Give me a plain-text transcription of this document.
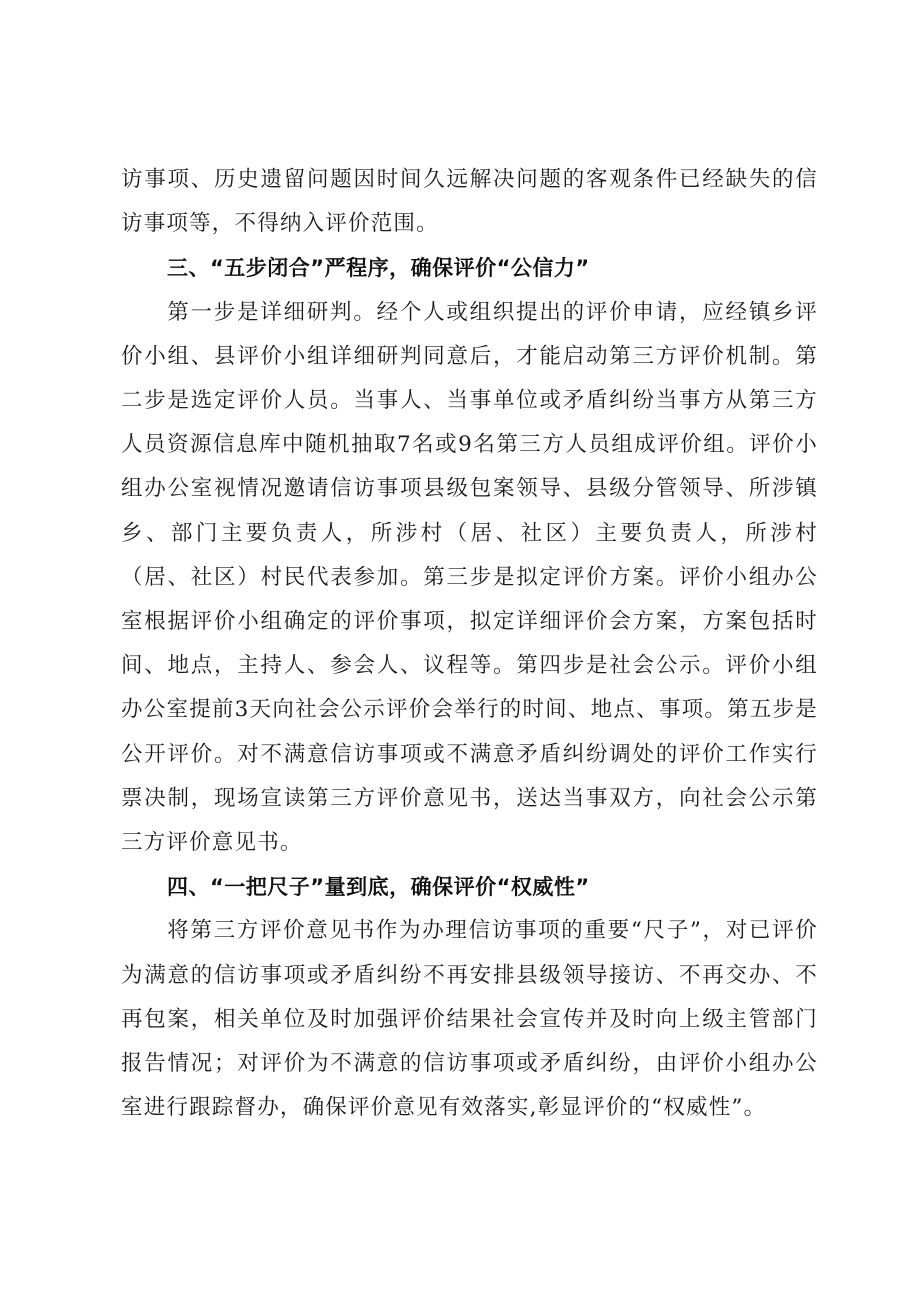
访事项、历史遗留问题因时间久远解决问题的客观条件已经缺失的信访事项等，不得纳入评价范围。

三、“五步闭合”严程序，确保评价“公信力”

第一步是详细研判。经个人或组织提出的评价申请，应经镇乡评价小组、县评价小组详细研判同意后，才能启动第三方评价机制。第二步是选定评价人员。当事人、当事单位或矛盾纠纷当事方从第三方人员资源信息库中随机抽取7名或9名第三方人员组成评价组。评价小组办公室视情况邀请信访事项县级包案领导、县级分管领导、所涉镇乡、部门主要负责人，所涉村（居、社区）主要负责人，所涉村（居、社区）村民代表参加。第三步是拟定评价方案。评价小组办公室根据评价小组确定的评价事项，拟定详细评价会方案，方案包括时间、地点，主持人、参会人、议程等。第四步是社会公示。评价小组办公室提前3天向社会公示评价会举行的时间、地点、事项。第五步是公开评价。对不满意信访事项或不满意矛盾纠纷调处的评价工作实行票决制，现场宣读第三方评价意见书，送达当事双方，向社会公示第三方评价意见书。

四、“一把尺子”量到底，确保评价“权威性”

将第三方评价意见书作为办理信访事项的重要“尺子”，对已评价为满意的信访事项或矛盾纠纷不再安排县级领导接访、不再交办、不再包案，相关单位及时加强评价结果社会宣传并及时向上级主管部门报告情况；对评价为不满意的信访事项或矛盾纠纷，由评价小组办公室进行跟踪督办，确保评价意见有效落实,彰显评价的“权威性”。
